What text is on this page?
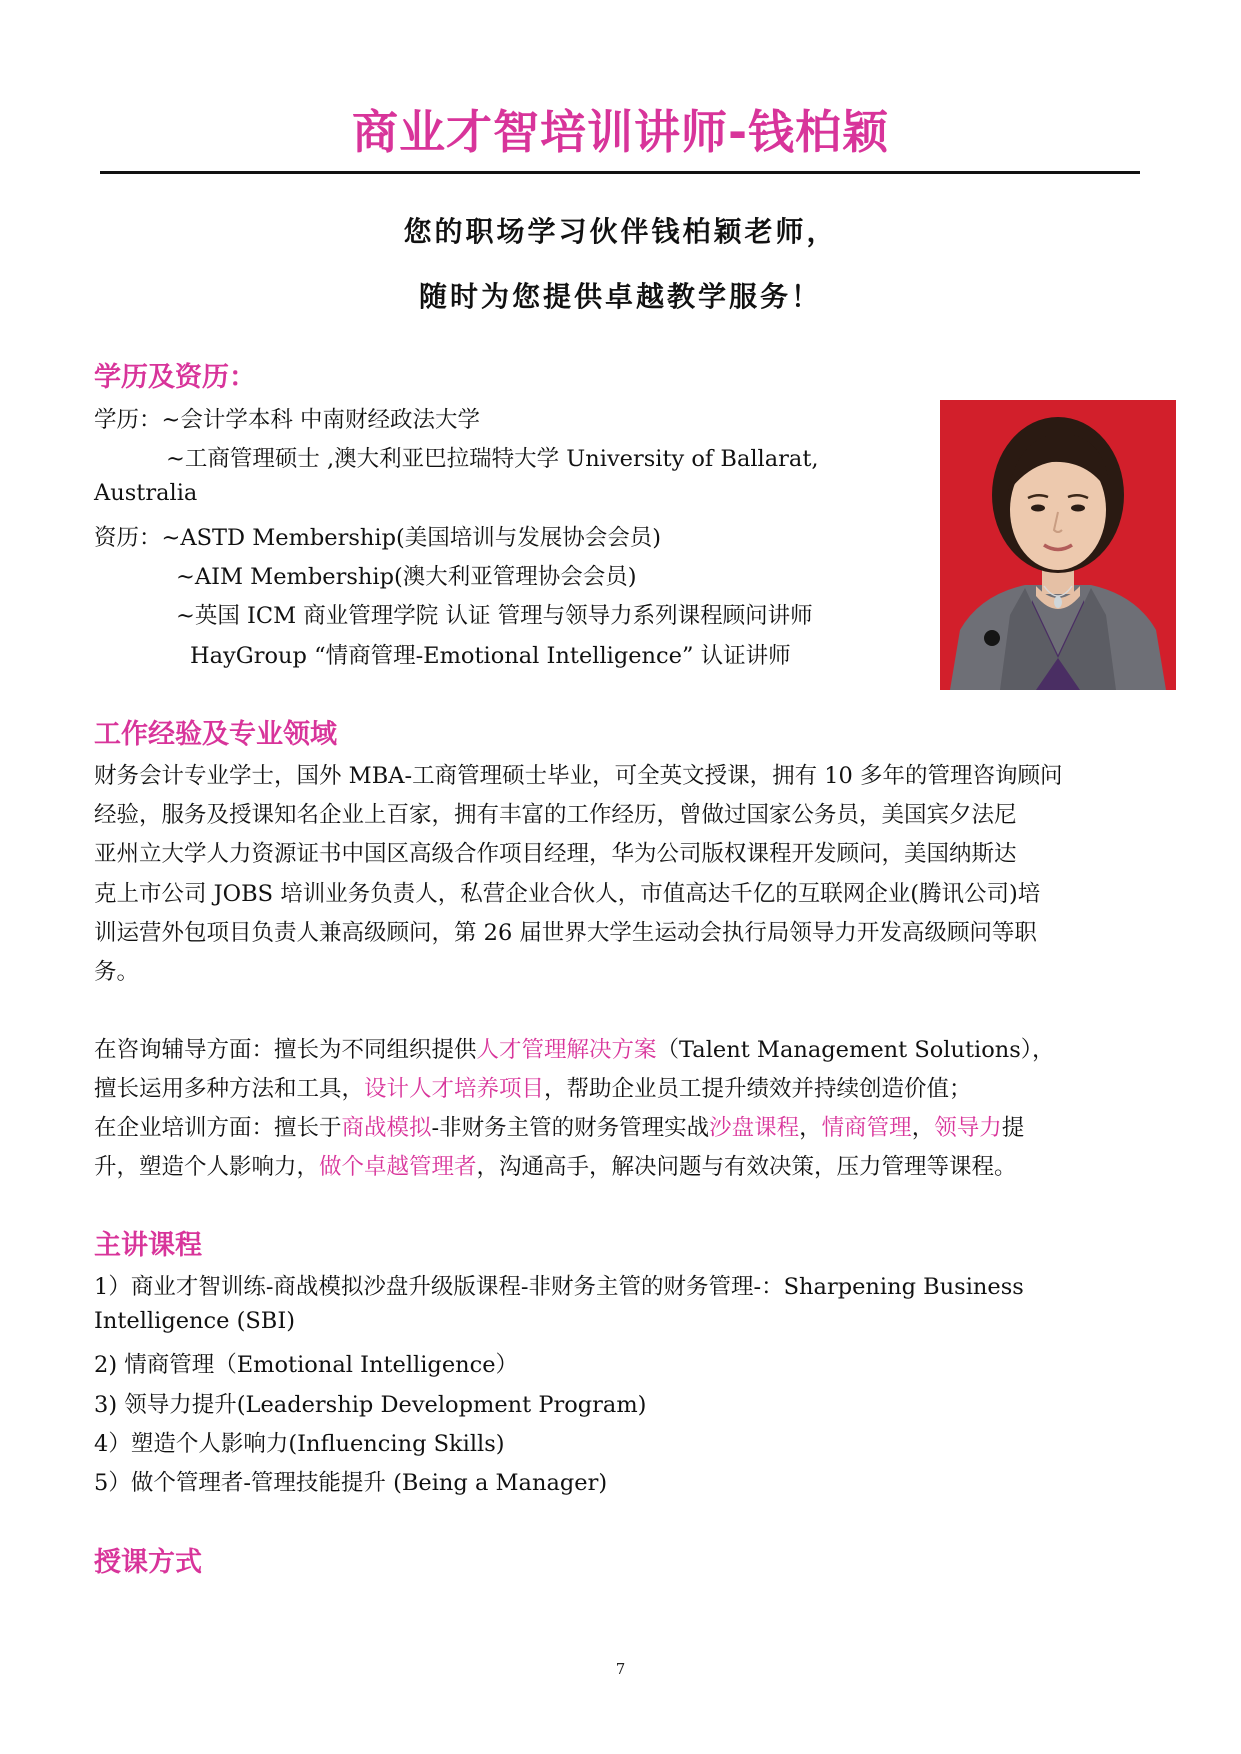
商业才智培训讲师-钱柏颖
您的职场学习伙伴钱柏颖老师，
随时为您提供卓越教学服务！
学历及资历：
学历：~会计学本科 中南财经政法大学
~工商管理硕士 ,澳大利亚巴拉瑞特大学 University of Ballarat,
Australia
资历：~ASTD Membership(美国培训与发展协会会员)
~AIM Membership(澳大利亚管理协会会员)
~英国 ICM 商业管理学院 认证 管理与领导力系列课程顾问讲师
HayGroup “情商管理-Emotional Intelligence” 认证讲师
工作经验及专业领域
财务会计专业学士，国外 MBA-工商管理硕士毕业，可全英文授课，拥有 10 多年的管理咨询顾问
经验，服务及授课知名企业上百家，拥有丰富的工作经历，曾做过国家公务员，美国宾夕法尼
亚州立大学人力资源证书中国区高级合作项目经理，华为公司版权课程开发顾问，美国纳斯达
克上市公司 JOBS 培训业务负责人，私营企业合伙人，市值高达千亿的互联网企业(腾讯公司)培
训运营外包项目负责人兼高级顾问，第 26 届世界大学生运动会执行局领导力开发高级顾问等职
务。
在咨询辅导方面：擅长为不同组织提供人才管理解决方案（Talent Management Solutions），
擅长运用多种方法和工具，设计人才培养项目，帮助企业员工提升绩效并持续创造价值；
在企业培训方面：擅长于商战模拟-非财务主管的财务管理实战沙盘课程，情商管理，领导力提
升，塑造个人影响力，做个卓越管理者，沟通高手，解决问题与有效决策，压力管理等课程。
主讲课程
1）商业才智训练-商战模拟沙盘升级版课程-非财务主管的财务管理-：Sharpening Business
Intelligence (SBI)
2) 情商管理（Emotional Intelligence）
3) 领导力提升(Leadership Development Program)
4）塑造个人影响力(Influencing Skills)
5）做个管理者-管理技能提升 (Being a Manager)
授课方式
7
